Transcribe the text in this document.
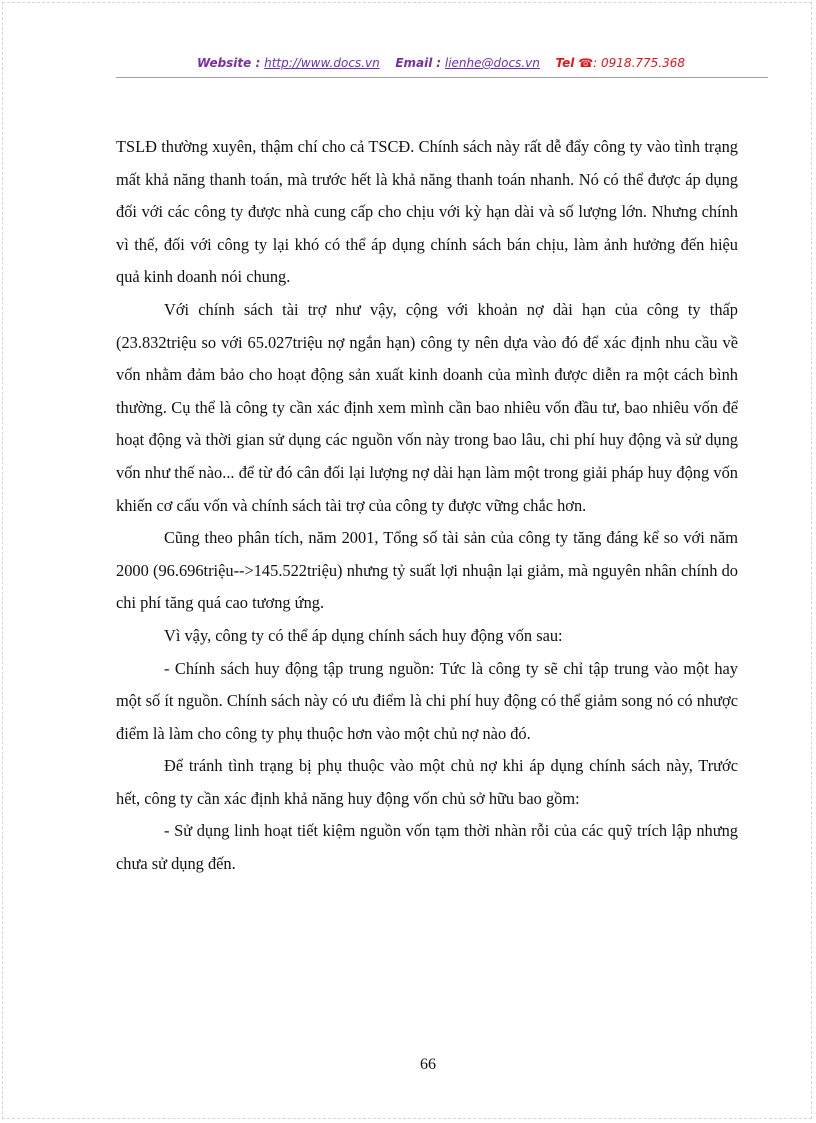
Website : http://www.docs.vn Email : lienhe@docs.vn Tel ☎: 0918.775.368

TSLĐ thường xuyên, thậm chí cho cả TSCĐ. Chính sách này rất dễ đẩy công ty vào tình trạng mất khả năng thanh toán, mà trước hết là khả năng thanh toán nhanh. Nó có thể được áp dụng đối với các công ty được nhà cung cấp cho chịu với kỳ hạn dài và số lượng lớn. Nhưng chính vì thế, đối với công ty lại khó có thể áp dụng chính sách bán chịu, làm ảnh hưởng đến hiệu quả kinh doanh nói chung.

Với chính sách tài trợ như vậy, cộng với khoản nợ dài hạn của công ty thấp (23.832triệu so với 65.027triệu nợ ngắn hạn) công ty nên dựa vào đó để xác định nhu cầu về vốn nhằm đảm bảo cho hoạt động sản xuất kinh doanh của mình được diễn ra một cách bình thường. Cụ thể là công ty cần xác định xem mình cần bao nhiêu vốn đầu tư, bao nhiêu vốn để hoạt động và thời gian sử dụng các nguồn vốn này trong bao lâu, chi phí huy động và sử dụng vốn như thế nào... để từ đó cân đối lại lượng nợ dài hạn làm một trong giải pháp huy động vốn khiến cơ cấu vốn và chính sách tài trợ của công ty được vững chắc hơn.

Cũng theo phân tích, năm 2001, Tổng số tài sản của công ty tăng đáng kể so với năm 2000 (96.696triệu-->145.522triệu) nhưng tỷ suất lợi nhuận lại giảm, mà nguyên nhân chính do chi phí tăng quá cao tương ứng.

Vì vậy, công ty có thể áp dụng chính sách huy động vốn sau:

- Chính sách huy động tập trung nguồn: Tức là công ty sẽ chỉ tập trung vào một hay một số ít nguồn. Chính sách này có ưu điểm là chi phí huy động có thể giảm song nó có nhược điểm là làm cho công ty phụ thuộc hơn vào một chủ nợ nào đó.

Để tránh tình trạng bị phụ thuộc vào một chủ nợ khi áp dụng chính sách này, Trước hết, công ty cần xác định khả năng huy động vốn chủ sở hữu bao gồm:

- Sử dụng linh hoạt tiết kiệm nguồn vốn tạm thời nhàn rỗi của các quỹ trích lập nhưng chưa sử dụng đến.

66
